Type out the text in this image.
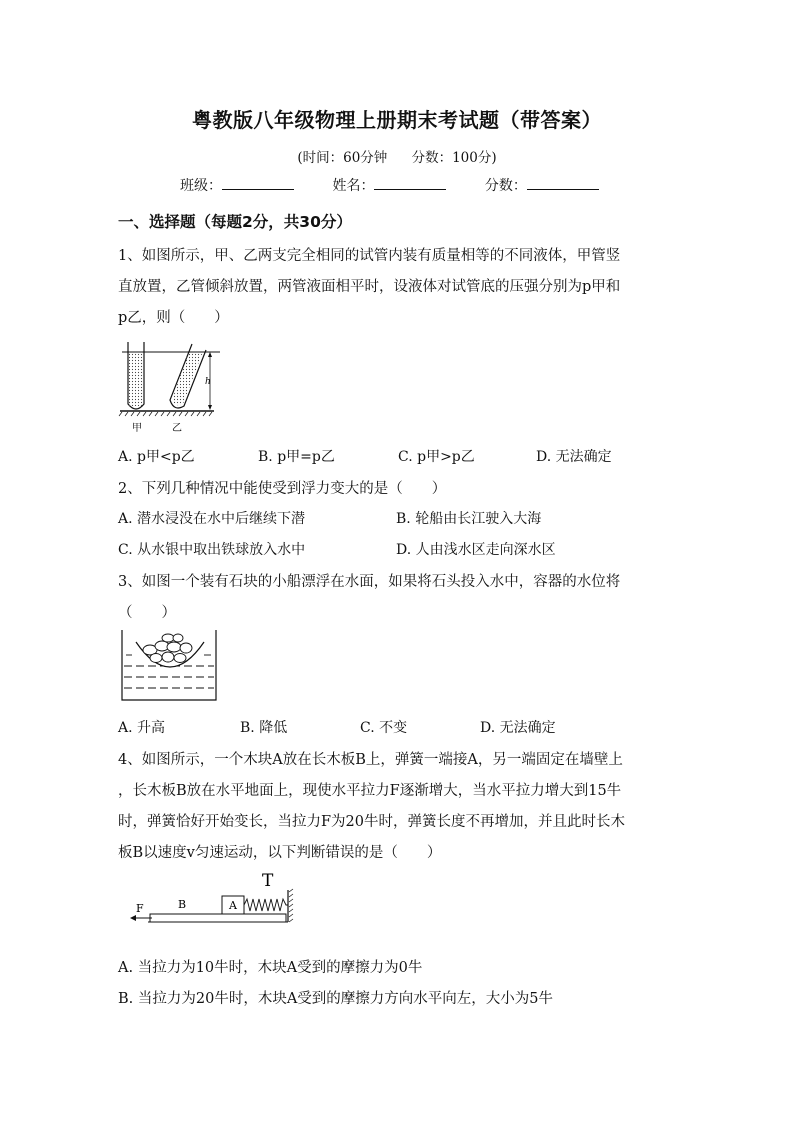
粤教版八年级物理上册期末考试题（带答案）
(时间：60分钟 分数：100分)
班级：	姓名：	分数：
一、选择题（每题2分，共30分）
1、如图所示，甲、乙两支完全相同的试管内装有质量相等的不同液体，甲管竖
直放置，乙管倾斜放置，两管液面相平时，设液体对试管底的压强分别为p甲和
p乙，则（　　）
h
甲	乙
A. p甲<p乙	B. p甲=p乙	C. p甲>p乙	D. 无法确定
2、下列几种情况中能使受到浮力变大的是（　　）
A. 潜水浸没在水中后继续下潜	B. 轮船由长江驶入大海
C. 从水银中取出铁球放入水中	D. 人由浅水区走向深水区
3、如图一个装有石块的小船漂浮在水面，如果将石头投入水中，容器的水位将
（　　）
A. 升高	B. 降低	C. 不变	D. 无法确定
4、如图所示，一个木块A放在长木板B上，弹簧一端接A，另一端固定在墙壁上
，长木板B放在水平地面上，现使水平拉力F逐渐增大，当水平拉力增大到15牛
时，弹簧恰好开始变长，当拉力F为20牛时，弹簧长度不再增加，并且此时长木
板B以速度v匀速运动，以下判断错误的是（　　）
T
B	A
F
A. 当拉力为10牛时，木块A受到的摩擦力为0牛
B. 当拉力为20牛时，木块A受到的摩擦力方向水平向左，大小为5牛
